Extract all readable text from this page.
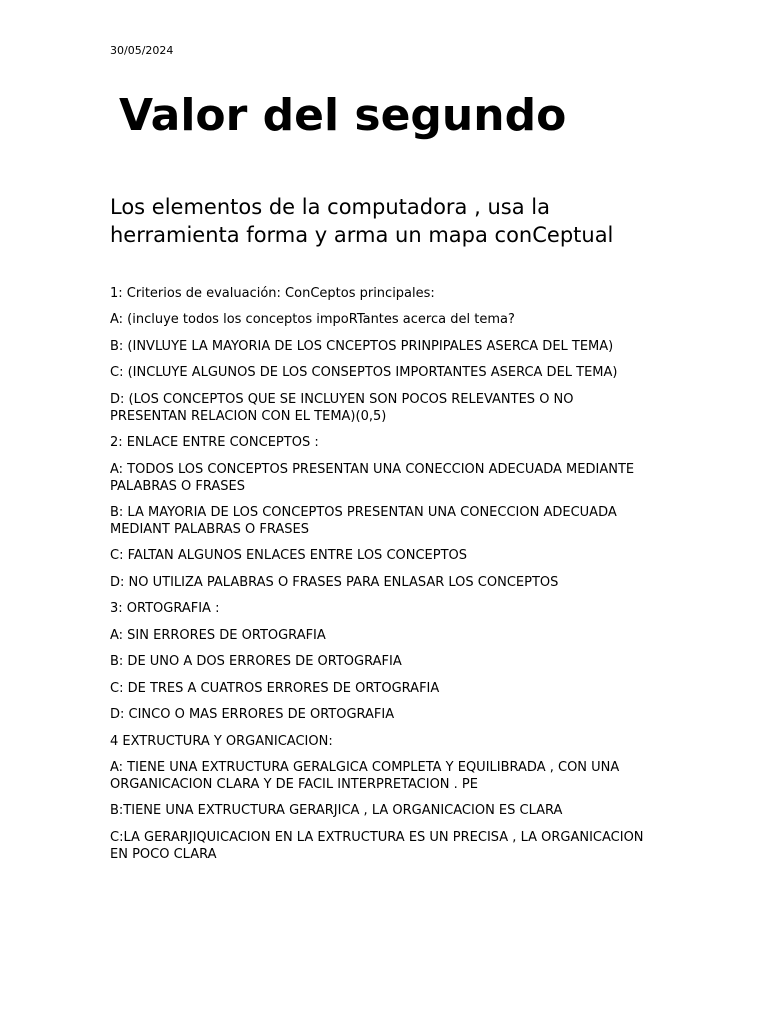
30/05/2024
Valor del segundo
Los elementos de la computadora , usa la herramienta forma y arma un mapa conCeptual
1: Criterios de evaluación: ConCeptos principales:
A: (incluye todos los conceptos impoRTantes acerca del tema?
B: (INVLUYE LA MAYORIA DE LOS CNCEPTOS PRINPIPALES ASERCA DEL TEMA)
C: (INCLUYE ALGUNOS DE LOS CONSEPTOS IMPORTANTES ASERCA DEL TEMA)
D: (LOS CONCEPTOS QUE SE INCLUYEN SON POCOS RELEVANTES O NO PRESENTAN RELACION CON EL TEMA)(0,5)
2: ENLACE ENTRE CONCEPTOS :
A: TODOS LOS CONCEPTOS PRESENTAN UNA CONECCION ADECUADA MEDIANTE PALABRAS O FRASES
B: LA MAYORIA DE LOS CONCEPTOS PRESENTAN UNA CONECCION ADECUADA MEDIANT PALABRAS O FRASES
C: FALTAN ALGUNOS ENLACES ENTRE LOS CONCEPTOS
D: NO UTILIZA PALABRAS O FRASES PARA ENLASAR LOS CONCEPTOS
3: ORTOGRAFIA :
A: SIN ERRORES DE ORTOGRAFIA
B: DE UNO A DOS ERRORES DE ORTOGRAFIA
C: DE TRES A CUATROS ERRORES DE ORTOGRAFIA
D: CINCO O MAS ERRORES DE ORTOGRAFIA
4 EXTRUCTURA Y ORGANICACION:
A: TIENE UNA EXTRUCTURA GERALGICA COMPLETA Y EQUILIBRADA , CON UNA ORGANICACION CLARA Y DE FACIL INTERPRETACION . PE
B:TIENE UNA EXTRUCTURA GERARJICA , LA ORGANICACION ES CLARA
C:LA GERARJIQUICACION EN LA EXTRUCTURA ES UN PRECISA , LA ORGANICACION EN POCO CLARA
